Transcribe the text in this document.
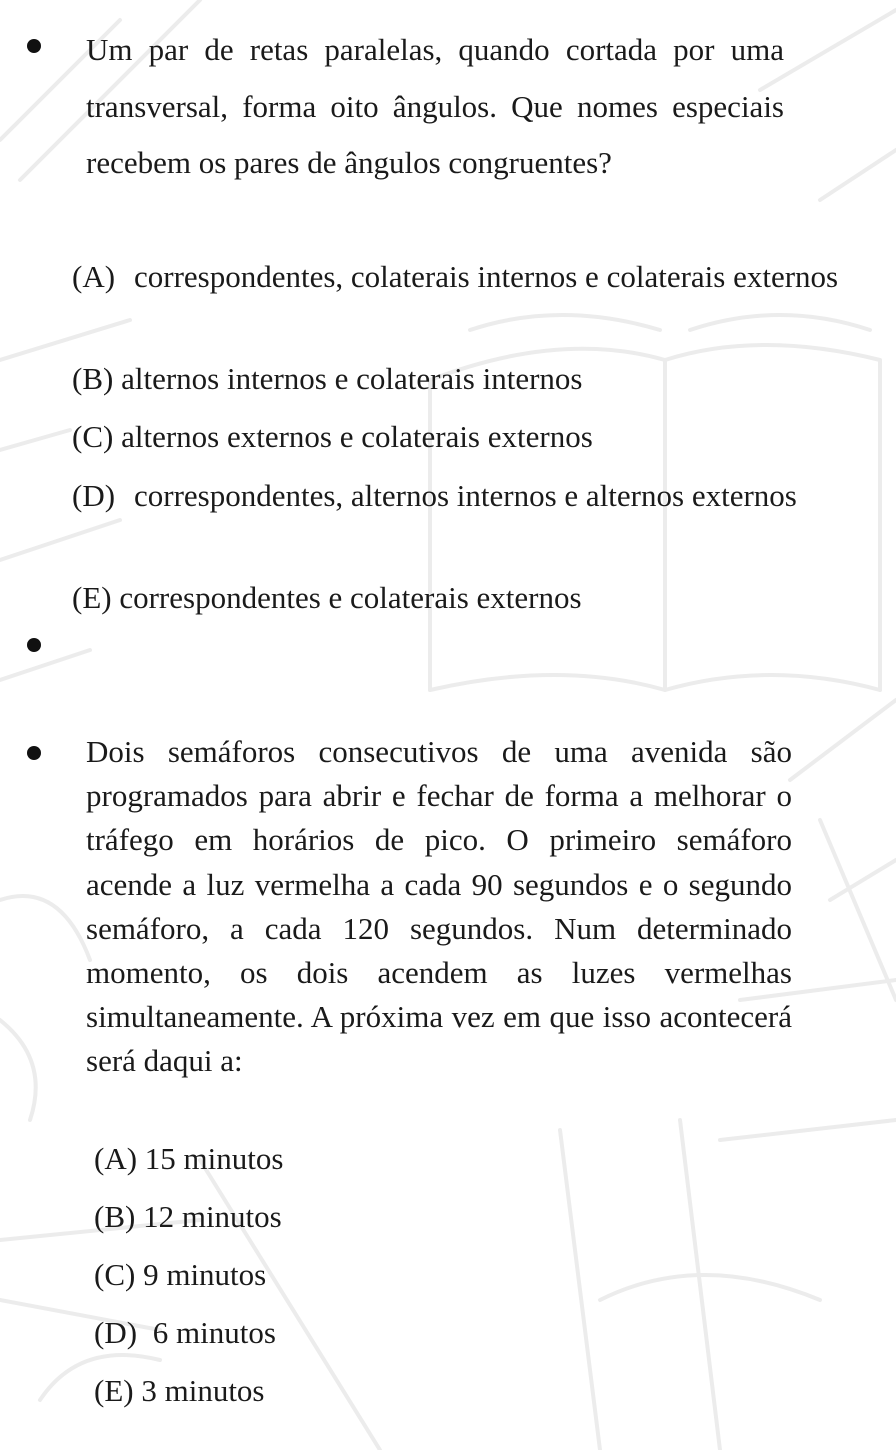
Um par de retas paralelas, quando cortada por uma transversal, forma oito ângulos. Que nomes especiais recebem os pares de ângulos congruentes?
(A) correspondentes, colaterais internos e colaterais externos
(B) alternos internos e colaterais internos
(C) alternos externos e colaterais externos
(D) correspondentes, alternos internos e alternos externos
(E) correspondentes e colaterais externos
Dois semáforos consecutivos de uma avenida são programados para abrir e fechar de forma a melhorar o tráfego em horários de pico. O primeiro semáforo acende a luz vermelha a cada 90 segundos e o segundo semáforo, a cada 120 segundos. Num determinado momento, os dois acendem as luzes vermelhas simultaneamente. A próxima vez em que isso acontecerá será daqui a:
(A) 15 minutos
(B) 12 minutos
(C) 9 minutos
(D) 6 minutos
(E) 3 minutos
